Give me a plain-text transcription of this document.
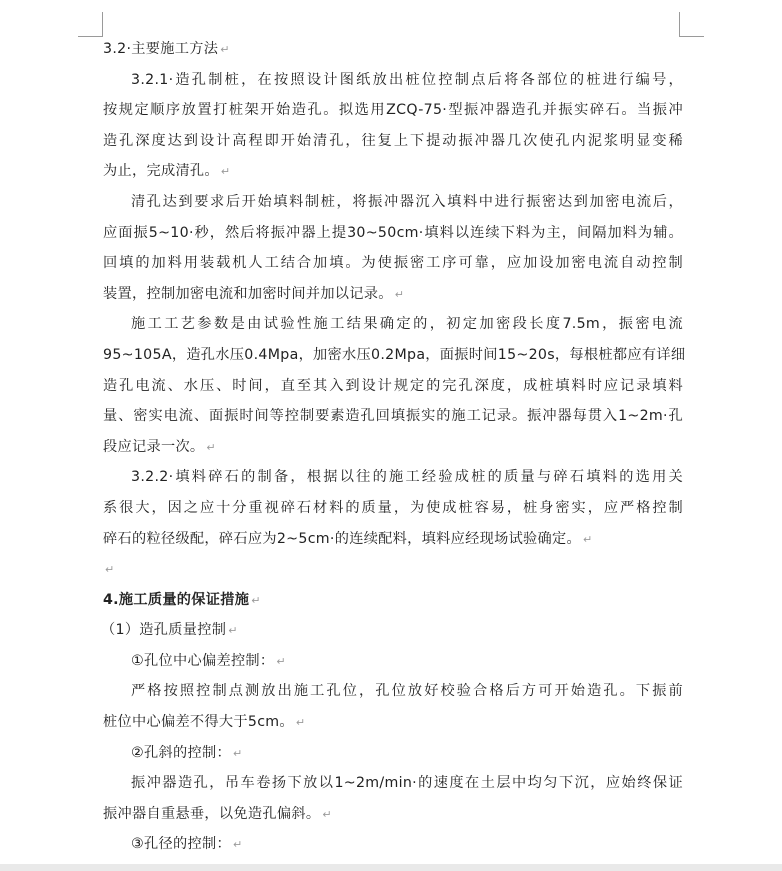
3.2·主要施工方法 ↵
3.2.1·造孔制桩，在按照设计图纸放出桩位控制点后将各部位的桩进行编号，
按规定顺序放置打桩架开始造孔。拟选用ZCQ-75·型振冲器造孔并振实碎石。当振冲
造孔深度达到设计高程即开始清孔，往复上下提动振冲器几次使孔内泥浆明显变稀
为止，完成清孔。 ↵
清孔达到要求后开始填料制桩，将振冲器沉入填料中进行振密达到加密电流后，
应面振5~10·秒，然后将振冲器上提30~50cm·填料以连续下料为主，间隔加料为辅。
回填的加料用装载机人工结合加填。为使振密工序可靠，应加设加密电流自动控制
装置，控制加密电流和加密时间并加以记录。 ↵
施工工艺参数是由试验性施工结果确定的，初定加密段长度7.5m，振密电流
95~105A，造孔水压0.4Mpa，加密水压0.2Mpa，面振时间15~20s，每根桩都应有详细
造孔电流、水压、时间，直至其入到设计规定的完孔深度，成桩填料时应记录填料
量、密实电流、面振时间等控制要素造孔回填振实的施工记录。振冲器每贯入1~2m·孔
段应记录一次。 ↵
3.2.2·填料碎石的制备，根据以往的施工经验成桩的质量与碎石填料的选用关
系很大，因之应十分重视碎石材料的质量，为使成桩容易，桩身密实，应严格控制
碎石的粒径级配，碎石应为2~5cm·的连续配料，填料应经现场试验确定。 ↵
↵
4.施工质量的保证措施 ↵
（1）造孔质量控制 ↵
①孔位中心偏差控制： ↵
严格按照控制点测放出施工孔位，孔位放好校验合格后方可开始造孔。下振前
桩位中心偏差不得大于5cm。 ↵
②孔斜的控制： ↵
振冲器造孔，吊车卷扬下放以1~2m/min·的速度在土层中均匀下沉，应始终保证
振冲器自重悬垂，以免造孔偏斜。 ↵
③孔径的控制： ↵
